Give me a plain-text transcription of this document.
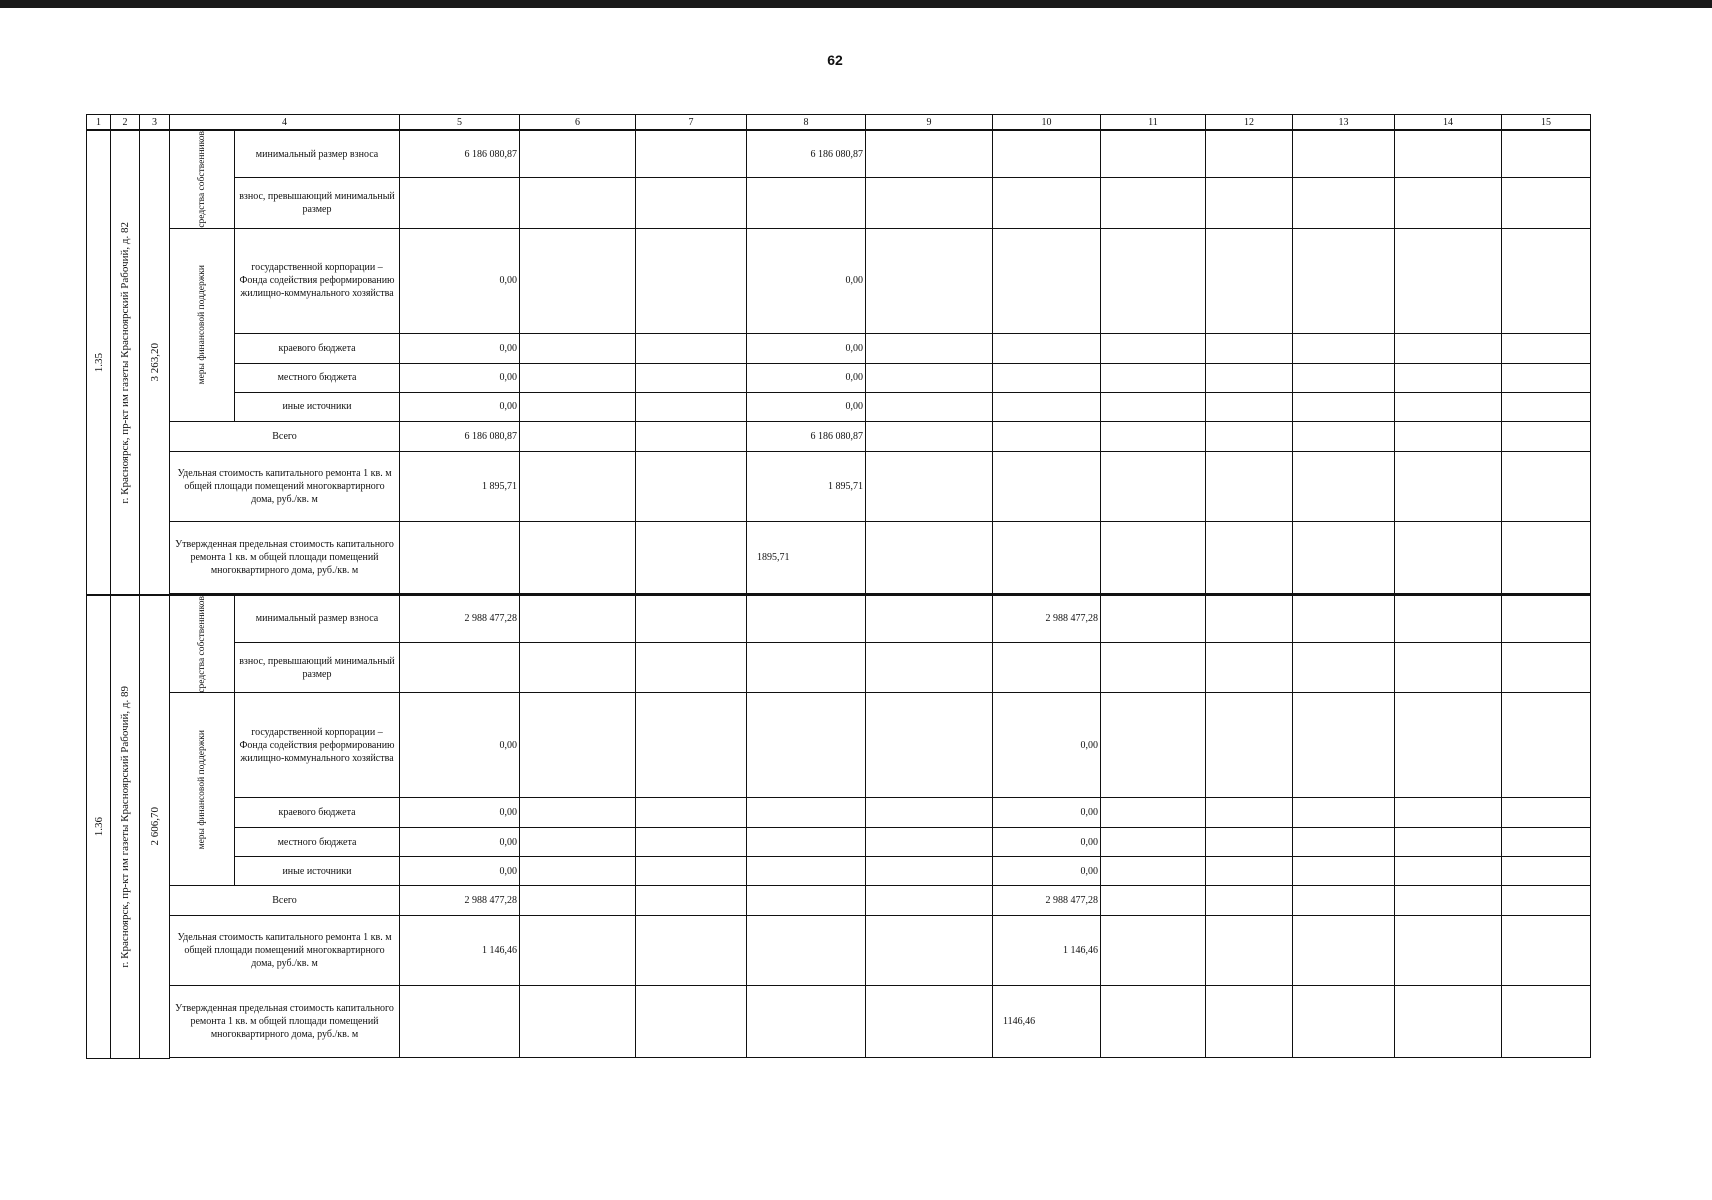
62
1	2	3	4		5	6	7	8	9	10	11	12	13	14	15

1.35	г. Красноярск, пр-кт им газеты Красноярский Рабочий, д. 82	3 263,20	средства собственников	минимальный размер взноса	6 186 080,87			6 186 080,87							
				взнос, превышающий минимальный размер											

			меры финансовой поддержки	государственной корпорации – Фонда содействия реформированию жилищно-коммунального хозяйства	0,00			0,00							
				краевого бюджета	0,00			0,00							
				местного бюджета	0,00			0,00							
				иные источники	0,00			0,00							
			Всего		6 186 080,87			6 186 080,87							
			Удельная стоимость капитального ремонта 1 кв. м общей площади помещений многоквартирного дома, руб./кв. м		1 895,71			1 895,71							
			Утвержденная предельная стоимость капитального ремонта 1 кв. м общей площади помещений многоквартирного дома, руб./кв. м					1895,71							

1.36	г. Красноярск, пр-кт им газеты Красноярский Рабочий, д. 89	2 606,70	средства собственников	минимальный размер взноса	2 988 477,28					2 988 477,28					
				взнос, превышающий минимальный размер											

			меры финансовой поддержки	государственной корпорации – Фонда содействия реформированию жилищно-коммунального хозяйства	0,00					0,00					
				краевого бюджета	0,00					0,00					
				местного бюджета	0,00					0,00					
				иные источники	0,00					0,00					
			Всего		2 988 477,28					2 988 477,28					
			Удельная стоимость капитального ремонта 1 кв. м общей площади помещений многоквартирного дома, руб./кв. м		1 146,46					1 146,46					
			Утвержденная предельная стоимость капитального ремонта 1 кв. м общей площади помещений многоквартирного дома, руб./кв. м							1146,46					
